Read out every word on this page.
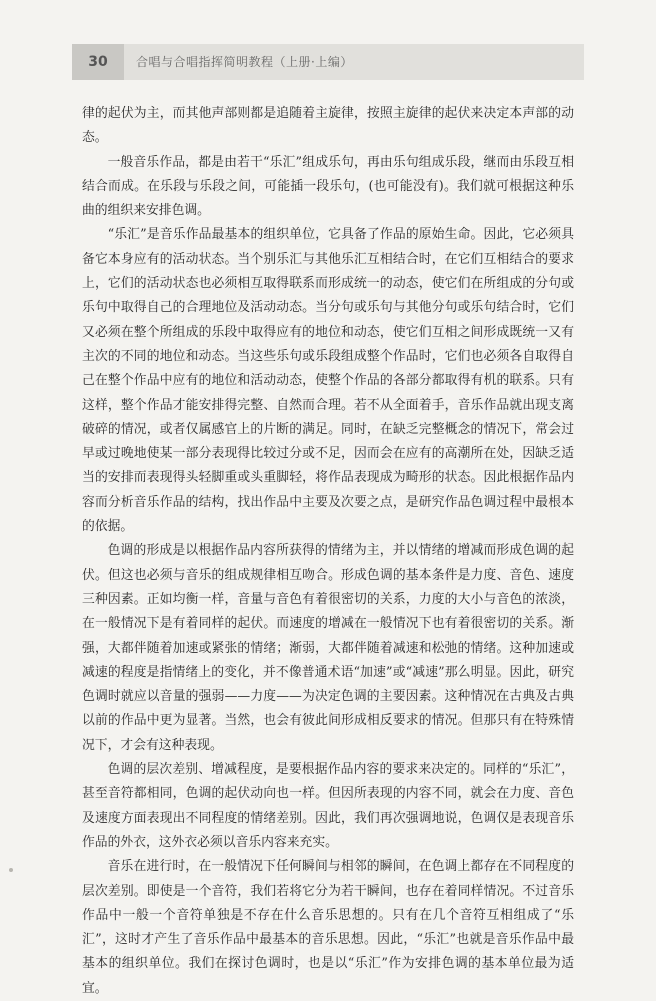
30	合唱与合唱指挥简明教程（上册·上编）

律的起伏为主，而其他声部则都是追随着主旋律，按照主旋律的起伏来决定本声部的动态。

一般音乐作品，都是由若干“乐汇”组成乐句，再由乐句组成乐段，继而由乐段互相结合而成。在乐段与乐段之间，可能插一段乐句，(也可能没有)。我们就可根据这种乐曲的组织来安排色调。

“乐汇”是音乐作品最基本的组织单位，它具备了作品的原始生命。因此，它必须具备它本身应有的活动状态。当个别乐汇与其他乐汇互相结合时，在它们互相结合的要求上，它们的活动状态也必须相互取得联系而形成统一的动态，使它们在所组成的分句或乐句中取得自己的合理地位及活动动态。当分句或乐句与其他分句或乐句结合时，它们又必须在整个所组成的乐段中取得应有的地位和动态，使它们互相之间形成既统一又有主次的不同的地位和动态。当这些乐句或乐段组成整个作品时，它们也必须各自取得自己在整个作品中应有的地位和活动动态，使整个作品的各部分都取得有机的联系。只有这样，整个作品才能安排得完整、自然而合理。若不从全面着手，音乐作品就出现支离破碎的情况，或者仅属感官上的片断的满足。同时，在缺乏完整概念的情况下，常会过早或过晚地使某一部分表现得比较过分或不足，因而会在应有的高潮所在处，因缺乏适当的安排而表现得头轻脚重或头重脚轻，将作品表现成为畸形的状态。因此根据作品内容而分析音乐作品的结构，找出作品中主要及次要之点，是研究作品色调过程中最根本的依据。

色调的形成是以根据作品内容所获得的情绪为主，并以情绪的增减而形成色调的起伏。但这也必须与音乐的组成规律相互吻合。形成色调的基本条件是力度、音色、速度三种因素。正如均衡一样，音量与音色有着很密切的关系，力度的大小与音色的浓淡，在一般情况下是有着同样的起伏。而速度的增减在一般情况下也有着很密切的关系。渐强，大都伴随着加速或紧张的情绪；渐弱，大都伴随着减速和松弛的情绪。这种加速或减速的程度是指情绪上的变化，并不像普通术语“加速”或“减速”那么明显。因此，研究色调时就应以音量的强弱——力度——为决定色调的主要因素。这种情况在古典及古典以前的作品中更为显著。当然，也会有彼此间形成相反要求的情况。但那只有在特殊情况下，才会有这种表现。

色调的层次差别、增减程度，是要根据作品内容的要求来决定的。同样的“乐汇”，甚至音符都相同，色调的起伏动向也一样。但因所表现的内容不同，就会在力度、音色及速度方面表现出不同程度的情绪差别。因此，我们再次强调地说，色调仅是表现音乐作品的外衣，这外衣必须以音乐内容来充实。

音乐在进行时，在一般情况下任何瞬间与相邻的瞬间，在色调上都存在不同程度的层次差别。即使是一个音符，我们若将它分为若干瞬间，也存在着同样情况。不过音乐作品中一般一个音符单独是不存在什么音乐思想的。只有在几个音符互相组成了“乐汇”，这时才产生了音乐作品中最基本的音乐思想。因此，“乐汇”也就是音乐作品中最基本的组织单位。我们在探讨色调时，也是以“乐汇”作为安排色调的基本单位最为适宜。
